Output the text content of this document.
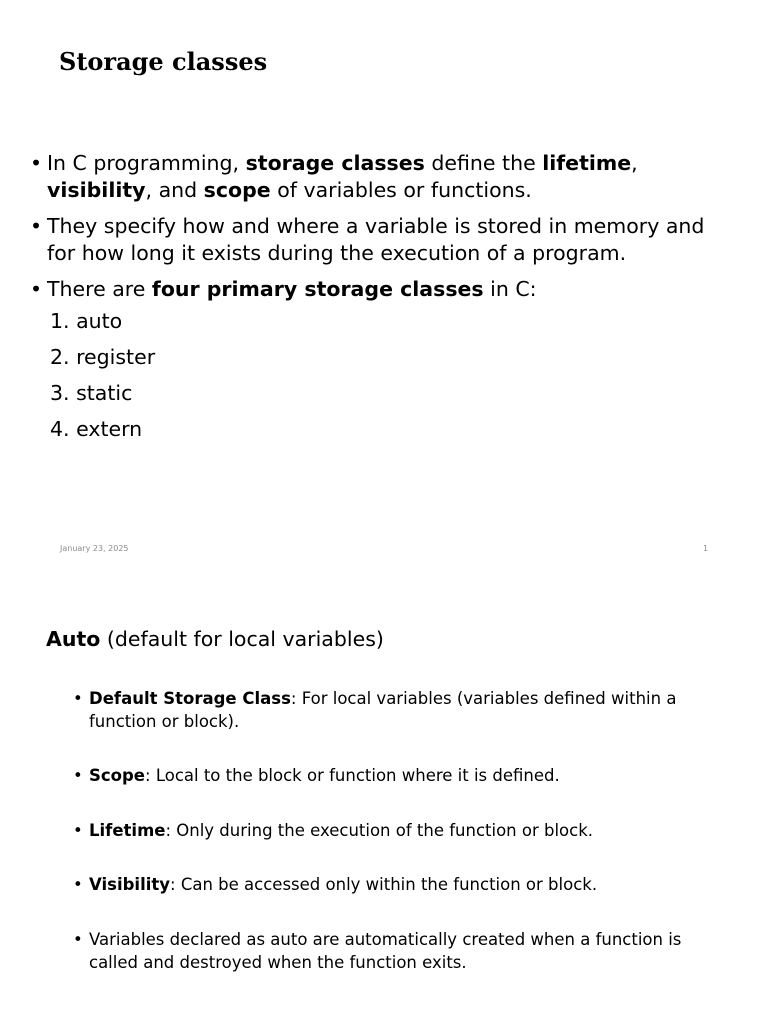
Storage classes
• In C programming, storage classes define the lifetime, visibility, and scope of variables or functions.
• They specify how and where a variable is stored in memory and for how long it exists during the execution of a program.
• There are four primary storage classes in C:
1. auto
2. register
3. static
4. extern
January 23, 2025	1
Auto (default for local variables)
• Default Storage Class: For local variables (variables defined within a function or block).
• Scope: Local to the block or function where it is defined.
• Lifetime: Only during the execution of the function or block.
• Visibility: Can be accessed only within the function or block.
• Variables declared as auto are automatically created when a function is called and destroyed when the function exits.
